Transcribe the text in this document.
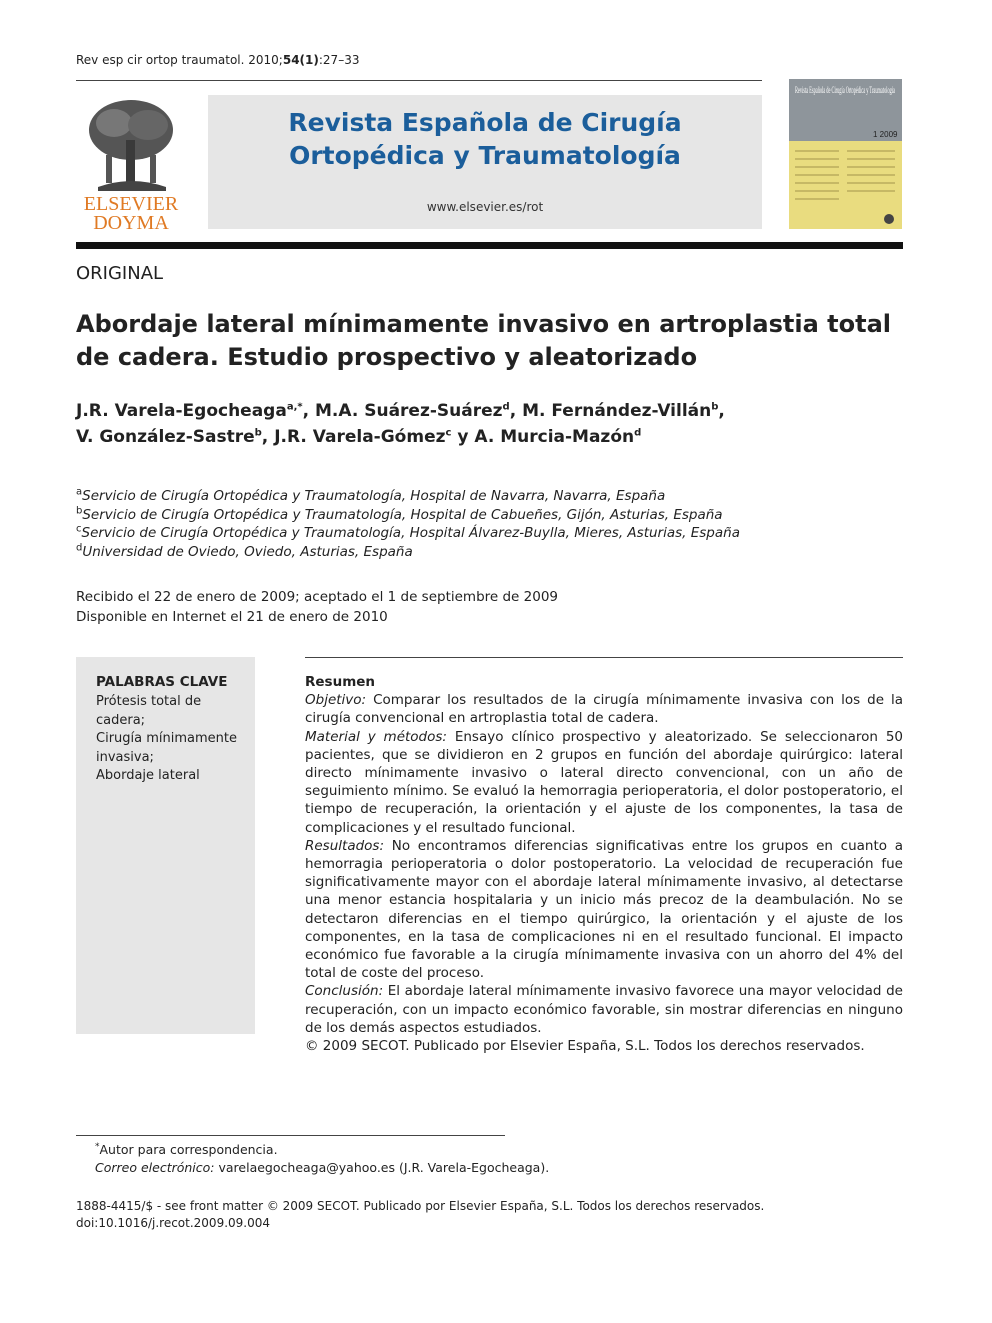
Rev esp cir ortop traumatol. 2010;54(1):27–33
ELSEVIER
DOYMA
Revista Española de Cirugía
Ortopédica y Traumatología
www.elsevier.es/rot
Revista Española de Cirugía Ortopédica y Traumatología
1 2009
ORIGINAL
Abordaje lateral mínimamente invasivo en artroplastia total
de cadera. Estudio prospectivo y aleatorizado
J.R. Varela-Egocheaga$^{a,*}$, M.A. Suárez-Suárez$^d$, M. Fernández-Villán$^b$,
V. González-Sastre$^b$, J.R. Varela-Gómez$^c$ y A. Murcia-Mazón$^d$
$^a$Servicio de Cirugía Ortopédica y Traumatología, Hospital de Navarra, Navarra, España
$^b$Servicio de Cirugía Ortopédica y Traumatología, Hospital de Cabueñes, Gijón, Asturias, España
$^c$Servicio de Cirugía Ortopédica y Traumatología, Hospital Álvarez-Buylla, Mieres, Asturias, España
$^d$Universidad de Oviedo, Oviedo, Asturias, España
Recibido el 22 de enero de 2009; aceptado el 1 de septiembre de 2009
Disponible en Internet el 21 de enero de 2010
PALABRAS CLAVE
Prótesis total de cadera;
Cirugía mínimamente invasiva;
Abordaje lateral
Resumen
Objetivo: Comparar los resultados de la cirugía mínimamente invasiva con los de la cirugía convencional en artroplastia total de cadera.
Material y métodos: Ensayo clínico prospectivo y aleatorizado. Se seleccionaron 50 pacientes, que se dividieron en 2 grupos en función del abordaje quirúrgico: lateral directo mínimamente invasivo o lateral directo convencional, con un año de seguimiento mínimo. Se evaluó la hemorragia perioperatoria, el dolor postoperatorio, el tiempo de recuperación, la orientación y el ajuste de los componentes, la tasa de complicaciones y el resultado funcional.
Resultados: No encontramos diferencias significativas entre los grupos en cuanto a hemorragia perioperatoria o dolor postoperatorio. La velocidad de recuperación fue significativamente mayor con el abordaje lateral mínimamente invasivo, al detectarse una menor estancia hospitalaria y un inicio más precoz de la deambulación. No se detectaron diferencias en el tiempo quirúrgico, la orientación y el ajuste de los componentes, en la tasa de complicaciones ni en el resultado funcional. El impacto económico fue favorable a la cirugía mínimamente invasiva con un ahorro del 4% del total de coste del proceso.
Conclusión: El abordaje lateral mínimamente invasivo favorece una mayor velocidad de recuperación, con un impacto económico favorable, sin mostrar diferencias en ninguno de los demás aspectos estudiados.
© 2009 SECOT. Publicado por Elsevier España, S.L. Todos los derechos reservados.
*Autor para correspondencia.
Correo electrónico: varelaegocheaga@yahoo.es (J.R. Varela-Egocheaga).
1888-4415/$ - see front matter © 2009 SECOT. Publicado por Elsevier España, S.L. Todos los derechos reservados.
doi:10.1016/j.recot.2009.09.004
